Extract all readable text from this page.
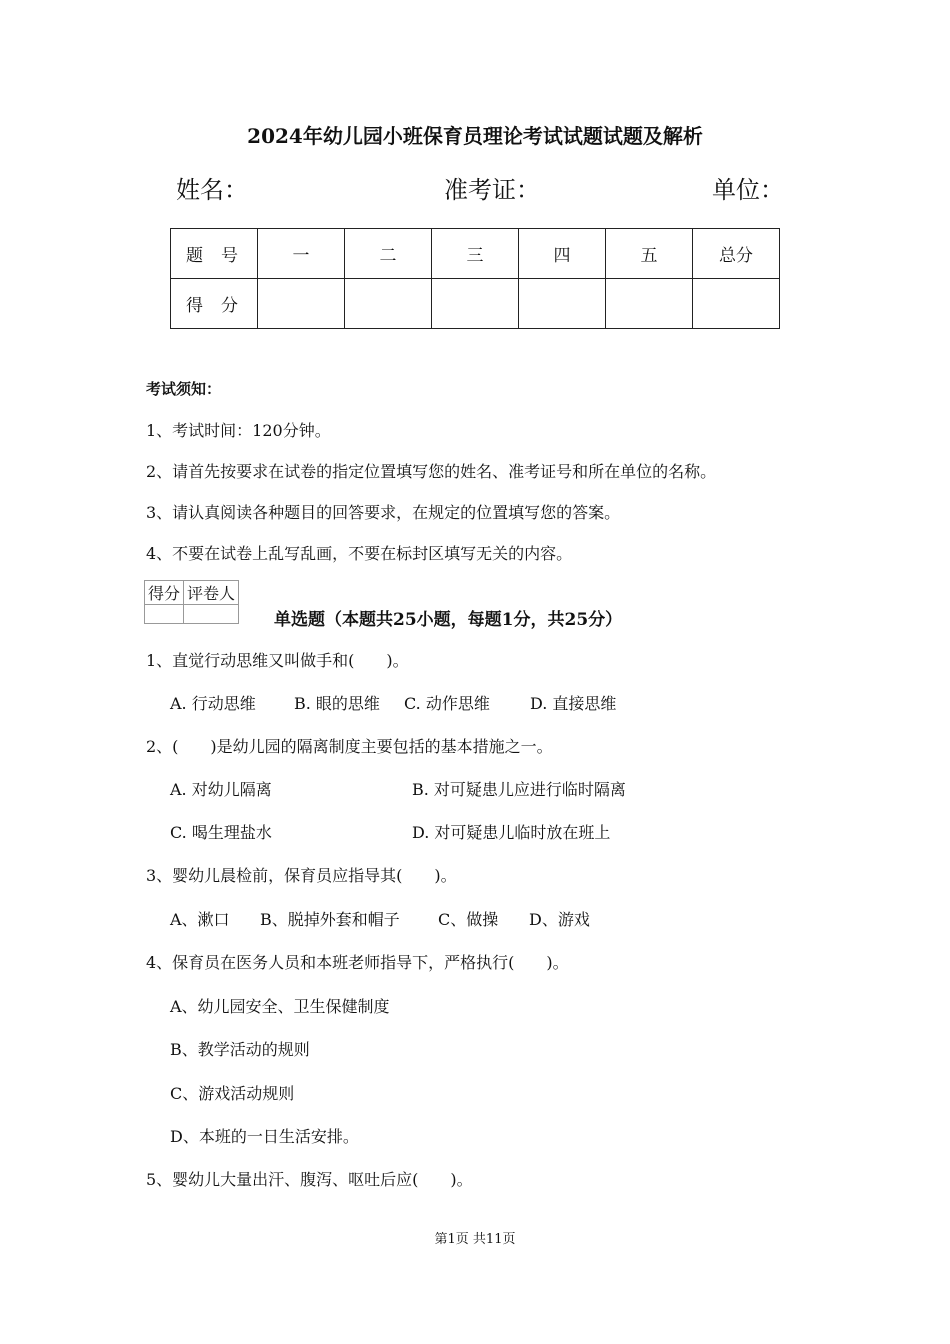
2024年幼儿园小班保育员理论考试试题试题及解析
姓名：	准考证：	单位：
题号	一	二	三	四	五	总分
得分						
考试须知：
1、考试时间：120分钟。
2、请首先按要求在试卷的指定位置填写您的姓名、准考证号和所在单位的名称。
3、请认真阅读各种题目的回答要求，在规定的位置填写您的答案。
4、不要在试卷上乱写乱画，不要在标封区填写无关的内容。
得分	评卷人

单选题（本题共25小题，每题1分，共25分）
1、直觉行动思维又叫做手和(　　)。
A. 行动思维 B. 眼的思维 C. 动作思维	D. 直接思维
2、(　　)是幼儿园的隔离制度主要包括的基本措施之一。
A. 对幼儿隔离	B. 对可疑患儿应进行临时隔离
C. 喝生理盐水	D. 对可疑患儿临时放在班上
3、婴幼儿晨检前，保育员应指导其(　　)。
A、漱口 B、脱掉外套和帽子 C、做操 D、游戏
4、保育员在医务人员和本班老师指导下，严格执行(　　)。
A、幼儿园安全、卫生保健制度
B、教学活动的规则
C、游戏活动规则
D、本班的一日生活安排。
5、婴幼儿大量出汗、腹泻、呕吐后应(　　)。
第1页 共11页
